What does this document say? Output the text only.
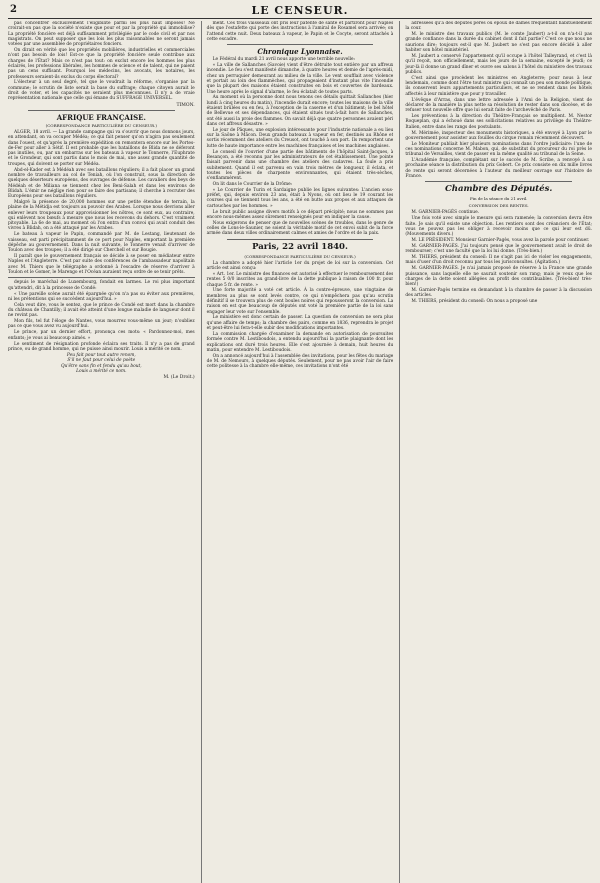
2	LE CENSEUR.

pas concentrer exclusivement l'éligibilité parmi les plus haut imposés! Ne croirait-on pas que la société n'existe que pour et par la propriété qui immobilise? La propriété foncière est déjà suffisamment privilégiée par le code civil et par nos magistrats. On peut supposer que les lois les plus raisonnables ne seront jamais votées par une assemblée de propriétaires fonciers.

On dirait en vérité que les propriétés mobilières, industrielles et commerciales n'ont pas besoin de lois! Est-ce que la propriété foncière seule contribue aux charges de l'État? Mais ce n'est pas tout: on exclut encore les hommes les plus éclairés, les professions libérales, les hommes de science et de talent, qui ne paient pas un cens suffisant. Pourquoi les médecins, les avocats, les notaires, les professeurs seraient-ils exclus du corps électoral?

L'électeur à un seul degré, tel que le voudrait la réforme, s'organise par la commune; le scrutin de liste serait la base du suffrage; chaque citoyen aurait le droit de voter, et les capacités ne seraient plus méconnues. Il n'y a de vraie représentation nationale que celle qui émane du SUFFRAGE UNIVERSEL.

TIMON.
AFRIQUE FRANÇAISE.
(CORRESPONDANCE PARTICULIÈRE DU CENSEUR.)

ALGER, 18 avril. — La grande campagne qui va s'ouvrir que nous donnons jours, en attendant, on va occuper Médéa; ce qui fait penser qu'on n'agira pas seulement dans l'ouest, et qu'après la première expédition on remontera encore sur les Portes-de-Fer pour aller à Sétif. Il est probable que les bataillons de Blida ne se déferont pas inutiles, ou, par un embarras sur les bateaux à vapeur le Tonnerre, l'Euphrate et le Grondeur, qui sont partis dans le mois de mai, une assez grande quantité de troupes, qui doivent se porter sur Médéa.

Abd-el-Kader est à Médéah avec ses bataillons réguliers; il a fait placer un grand nombre de travailleurs au col de Teniah, où l'on construit, sous la direction de quelques déserteurs européens, des ouvrages de défense. Les cavaliers des beys de Médéah et de Miliana se tiennent chez les Beni-Salah et dans les environs de Blidah. L'émir ne néglige rien pour se faire des partisans; il cherche à recruter des Européens pour ses bataillons réguliers.

Malgré la présence de 20,000 hommes sur une petite étendue de terrain, la plaine de la Métidja est toujours au pouvoir des Arabes. Lorsque nous devrions aller enlever leurs troupeaux pour approvisionner les nôtres, ce sont eux, au contraire, qui enlèvent nos bœufs à mesure que nous les recevons du dehors. C'est vraiment pitoyable. La 6e de mai, au moment où l'on entra d'un convoi qui avait conduit des vivres à Blidah, on a été attaqué par les Arabes.

Le bateau à vapeur le Papin, commandé par M. de Lestang, lieutenant de vaisseau, est parti précipitamment de ce port pour Naples, emportant la première dépêche au gouvernement. Dans la nuit suivante, le Tonnerre venait d'arriver de Toulon avec des troupes; il a été dirigé sur Cherchell et sur Bougie.

Il paraît que le gouvernement français se décide à se poser en médiateur entre Naples et l'Angleterre. C'est par suite des conférences de l'ambassadeur napolitain avec M. Thiers que le télégraphe a ordonné à l'escadre de réserve d'arriver à Toulon et le Gomer, le Marengo et l'Océan auraient reçu ordre de se tenir prêts.

depuis le maréchal de Luxembourg, fondait en larmes. Le roi plus important qu'attendri, dit à la princesse de Condé:

« Une pareille scène aurait été épargnée qu'on n'a pas su éviter aux premières, ni les prétentions qui se succèdent aujourd'hui. »

Cela veut dire, vous le sentez, que le prince de Condé est mort dans la chambre du château de Chantilly; il avait été atteint d'une longue maladie de langueur dont il ne revint pas.

Mon fils, tel fut l'éloge de Nantes, vous mourrez vous-même un jour; n'oubliez pas ce que vous avez vu aujourd'hui.

Le prince, par un dernier effort, prononça ces mots: « Pardonnez-moi, mes enfants; je vous ai beaucoup aimés. »

Le sentiment de résignation profonde éclaira ses traits. Il n'y a pas de grand prince, ou de grand homme, qui ne puisse ainsi mourir. Louis a mérité ce nom.

Peu fait pour tout autre renom,
S'il ne faut pour celui de poète
Qu'être sans fin et fendu qu'au bout,
Louis a mérité ce nom.
M. (Le Droit.)

ment. Ces trois vaisseaux ont pris leur patente de santé et partiront pour Naples dès que l'estafette qui porte des instructions à l'amiral de Rosamel sera arrivée; on l'attend cette nuit. Deux bateaux à vapeur, le Papin et le Cocyte, seront attachés à cette escadre.

Chronique Lyonnaise.

Le Fédéral du mardi 21 avril nous apporte une terrible nouvelle:

« La ville de Sallanches (Savoie) vient d'être détruite tout entière par un affreux incendie. Le feu s'est manifesté dimanche, à quatre heures et demie de l'après-midi, chez un perruquier demeurant au milieu de la ville. Le vent soufflait avec violence et portait au loin des flammèches, qui propageaient d'instant plus vite l'incendie que la plupart des maisons étaient construites en bois et couvertes de bardeaux. Une heure après le signal d'alarme, le feu éclatait de toutes parts.

Au moment où la personne dont nous tenons ces détails quittait Sallanches (hier lundi à cinq heures du matin), l'incendie durait encore; toutes les maisons de la ville étaient brûlées ou en feu, à l'exception de la caserne et d'un bâtiment; le bel hôtel de Bellevue et ses dépendances, qui étaient situés tout-à-fait hors de Sallanches, ont été aussi la proie des flammes. On savait déjà que quatre personnes avaient péri dans cet affreux désastre. »

Le jour de Pâques, une explosion intéressante pour l'industrie nationale a eu lieu sur la Saône à Mâcon. Deux grands bateaux à vapeur en fer, destinés au Rhône et sortis récemment des ateliers du Creusot, ont touché à son port. Ils remportent une lutte de haute importance entre les machines françaises et les machines anglaises.

Le conseil de l'ouvrier d'une partie des bâtiments de l'hôpital Saint-Jacques, à Besançon, a été reconnu par les administrateurs de cet établissement. Une pointe faisait parvenir dans une chambre des ateliers des cadavres. La foule a pris subitement. Quand il est parvenu en vain trois mètres de longueur, il éclata, et toutes les pièces de charpente environnantes, qui étaient très-sèches, s'enflammèrent.

On lit dans le Courrier de la Drôme:

« Le Courrier de Turin et Sardaigne publie les lignes suivantes: L'ancien sous-préfet, qui, depuis environ 23 ans, était à Nyons, où ont lieu le 19 courant les courses qui se tiennent tous les ans, a été en butte aux propos et aux attaques de cartouches par les hommes. »

Le bruit public assigne divers motifs à ce départ précipité; nous ne sommes pas encore nous-mêmes assez sûrement renseignés pour en indiquer la cause.

Nous exigerons de penser que de nouvelles scènes de troubles, dans le genre de celles de Lons-le-Saunier, ne soient la véritable motif de cet envoi subit de la force armée dans deux villes ordinairement calmes et amies de l'ordre et de la paix.

Paris, 22 avril 1840.
(CORRESPONDANCE PARTICULIÈRE DU CENSEUR.)

La chambre a adopté hier l'article 1er du projet de loi sur la conversion. Cet article est ainsi conçu:

« Art. 1er. Le ministre des finances est autorisé à effectuer le remboursement des rentes 5 0/0 inscrites au grand-livre de la dette publique à raison de 100 fr. pour chaque 5 fr. de rente. »

Une forte majorité a voté cet article. À la contre-épreuve, une vingtaine de membres au plus se sont levés contre, ce qui n'empêchera pas qu'au scrutin définitif il se trouvera plus de cent boules noires qui repousseront la conversion. La raison en est que beaucoup de députés ont voté la première partie de la loi sans engager leur vote sur l'ensemble.

Le ministère est donc certain de passer. La question de conversion ne sera plus qu'une affaire de temps; la chambre des pairs, comme en 1836, reprendra le projet et peut-être lui fera-t-elle subir des modifications importantes.

La commission chargée d'examiner la demande en autorisation de poursuites formée contre M. Lestiboudois, a entendu aujourd'hui la partie plaignante dont les explications ont duré trois heures. Elle s'est ajournée à demain, huit heures du matin, pour entendre M. Lestiboudois.

On a annoncé aujourd'hui à l'assemblée des invitations, pour les fêtes du mariage de M. de Nemours, à quelques députés. Seulement, pour ne pas avoir l'air de faire cette politesse à la chambre elle-même, ces invitations n'ont été

adressées qu'à des députés pères ou époux de dames fréquentant habituellement la cour.

M. le ministre des travaux publics (M. le comte Jaubert) a-t-il on n'a-t-il pas grande confiance dans la durée du cabinet dont il fait partie? C'est ce que nous ne saurions dire; toujours est-il que M. Jaubert ne s'est pas encore décidé à aller habiter son hôtel ministériel.

M. Jaubert a conservé l'appartement qu'il occupe à l'hôtel Talleyrand, et c'est là qu'il reçoit, non officiellement, mais les jours de la semaine, excepté le jeudi; ce jour-là il donne un grand dîner et ouvre ses salons à l'hôtel du ministère des travaux publics.

C'est ainsi que procèdent les ministres en Angleterre; pour nous à leur lendemain, comme dont l'être tout ministre qui connaît un peu son monde politique, ils conservent leurs appartements particuliers, et ne se rendent dans les hôtels affectés à leur ministère que pour y travailler.

L'évêque d'Arras, dans une lettre adressée à l'Ami de la Religion, vient de déclarer de la manière la plus nette sa résolution de rester dans son diocèse, et de refuser tout nouvelle offre que lui serait faite de l'archevêché de Paris.

Les préventions à la direction du Théâtre-Français se multiplient. M. Nestor Roqueplan, qui a échoué dans ses sollicitations relatives au privilège du Théâtre-Italien, entre dans les rangs des postulants.

M. Mérimée, inspecteur des monuments historiques, a été envoyé à Lyon par le gouvernement pour assister aux fouilles du cirque romain récemment découvert.

Le Moniteur publiait hier plusieurs nominations dans l'ordre judiciaire: l'une de ces nominations concerne M. Mabon, qui, de substitut du procureur du roi près le tribunal de Versailles, vient de passer en la même qualité au tribunal de la Seine.

L'Académie française, complétant sur le succès de M. Scribe, a renvoyé à sa prochaine séance la distribution du prix Gobert. Ce prix consiste en dix mille livres de rente qui seront décernées à l'auteur du meilleur ouvrage sur l'histoire de France.

Chambre des Députés.
Fin de la séance du 21 avril.
CONVERSION DES RENTES.

M. GARNIER-PAGÈS continue.

Une fois voté avec simple le mesure qui sera ramenée; la conversion devra être faite. Je sais qu'il existe une objection. Les rentiers sont des créanciers de l'État; vous ne pouvez pas les obliger à recevoir moins que ce qui leur est dû. (Mouvements divers.)

M. LE PRÉSIDENT. Monsieur Garnier-Pagès, vous avez la parole pour continuer.

M. GARNIER-PAGÈS. J'ai toujours pensé que le gouvernement avait le droit de rembourser; c'est une faculté que la loi lui donne. (Très-bien.)

M. THIERS, président du conseil: Il ne s'agit pas ici de violer les engagements, mais d'user d'un droit reconnu par tous les jurisconsultes. (Agitation.)

M. GARNIER-PAGÈS. Je n'ai jamais proposé de réserve à la France une grande puissance, sans laquelle elle ne saurait soutenir son rang; mais je veux que les charges de la dette soient allégées au profit des contribuables. (Très-bien! très-bien!)

M. Garnier-Pagès termine en demandant à la chambre de passer à la discussion des articles.

M. THIERS, président du conseil: On nous a proposé une
